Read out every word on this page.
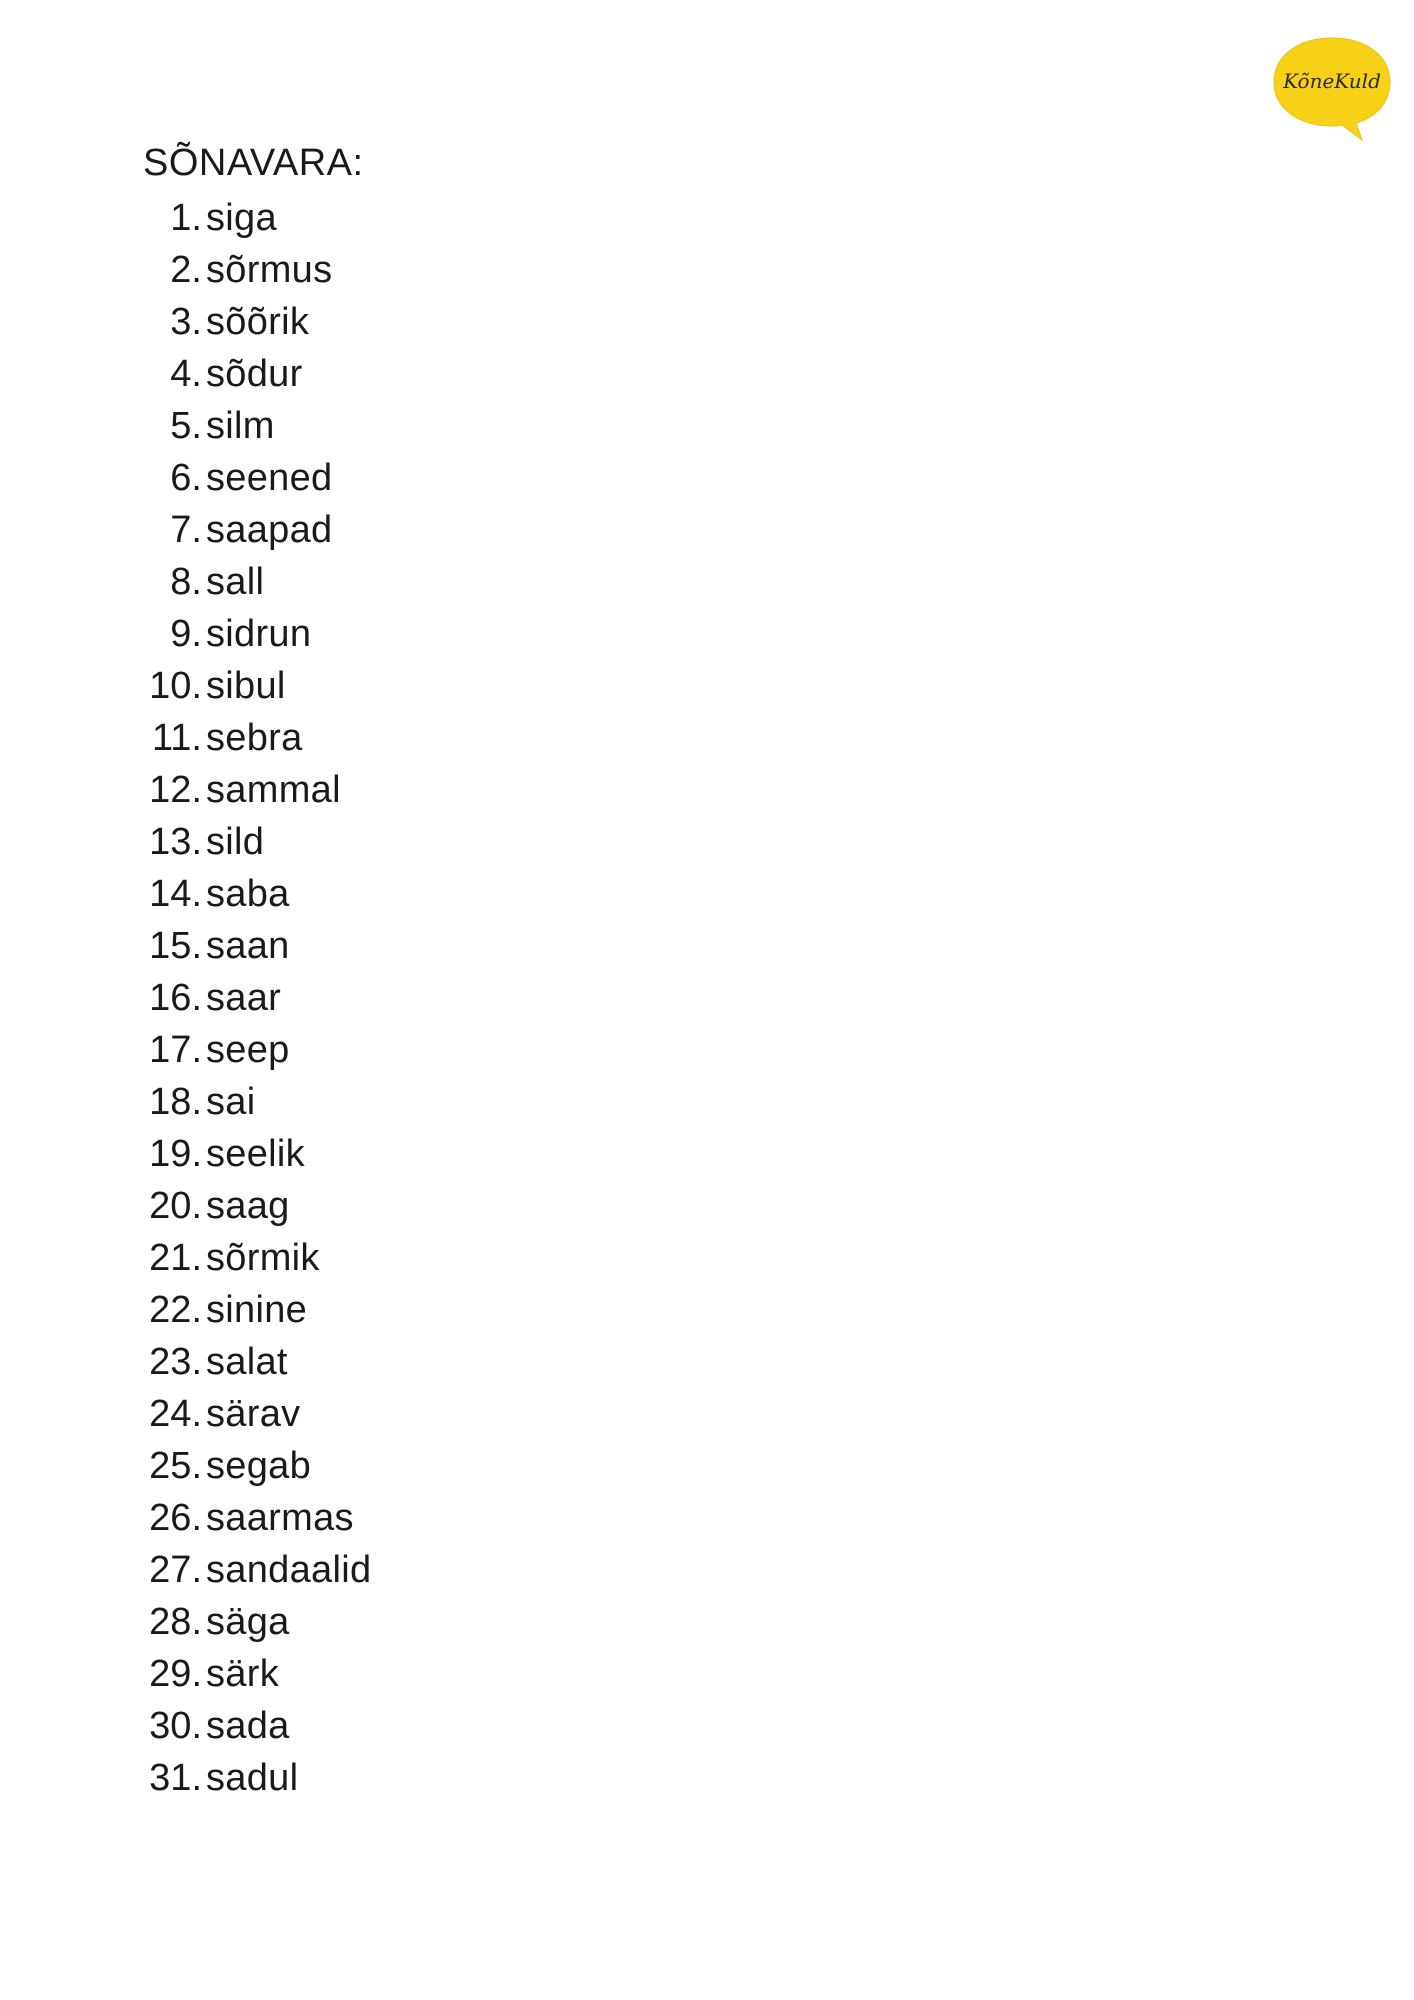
KõneKuld
SÕNAVARA:
1. siga
2. sõrmus
3. sõõrik
4. sõdur
5. silm
6. seened
7. saapad
8. sall
9. sidrun
10. sibul
11. sebra
12. sammal
13. sild
14. saba
15. saan
16. saar
17. seep
18. sai
19. seelik
20. saag
21. sõrmik
22. sinine
23. salat
24. särav
25. segab
26. saarmas
27. sandaalid
28. säga
29. särk
30. sada
31. sadul
